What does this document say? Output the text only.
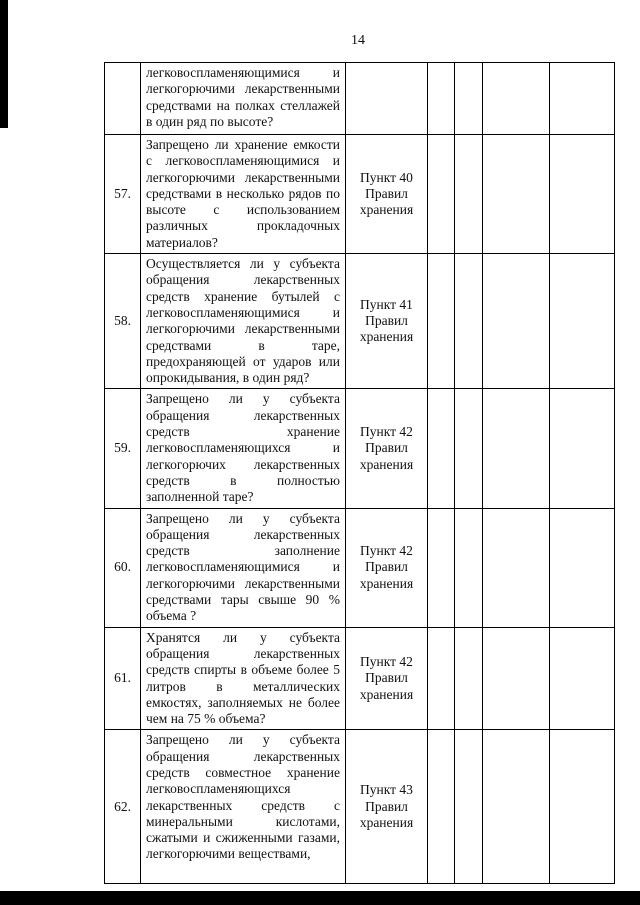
14
	легковоспламеняющимися и легкогорючими лекарственными средствами на полках стеллажей в один ряд по высоте?					
57.	Запрещено ли хранение емкости с легковоспламеняющимися и легкогорючими лекарственными средствами в несколько рядов по высоте с использованием различных прокладочных материалов?	Пункт 40 Правил хранения				
58.	Осуществляется ли у субъекта обращения лекарственных средств хранение бутылей с легковоспламеняющимися и легкогорючими лекарственными средствами в таре, предохраняющей от ударов или опрокидывания, в один ряд?	Пункт 41 Правил хранения				
59.	Запрещено ли у субъекта обращения лекарственных средств хранение легковоспламеняющихся и легкогорючих лекарственных средств в полностью заполненной таре?	Пункт 42 Правил хранения				
60.	Запрещено ли у субъекта обращения лекарственных средств заполнение легковоспламеняющимися и легкогорючими лекарственными средствами тары свыше 90 % объема ?	Пункт 42 Правил хранения				
61.	Хранятся ли у субъекта обращения лекарственных средств спирты в объеме более 5 литров в металлических емкостях, заполняемых не более чем на 75 % объема?	Пункт 42 Правил хранения				
62.	Запрещено ли у субъекта обращения лекарственных средств совместное хранение легковоспламеняющихся лекарственных средств с минеральными кислотами, сжатыми и сжиженными газами, легкогорючими веществами,	Пункт 43 Правил хранения				
